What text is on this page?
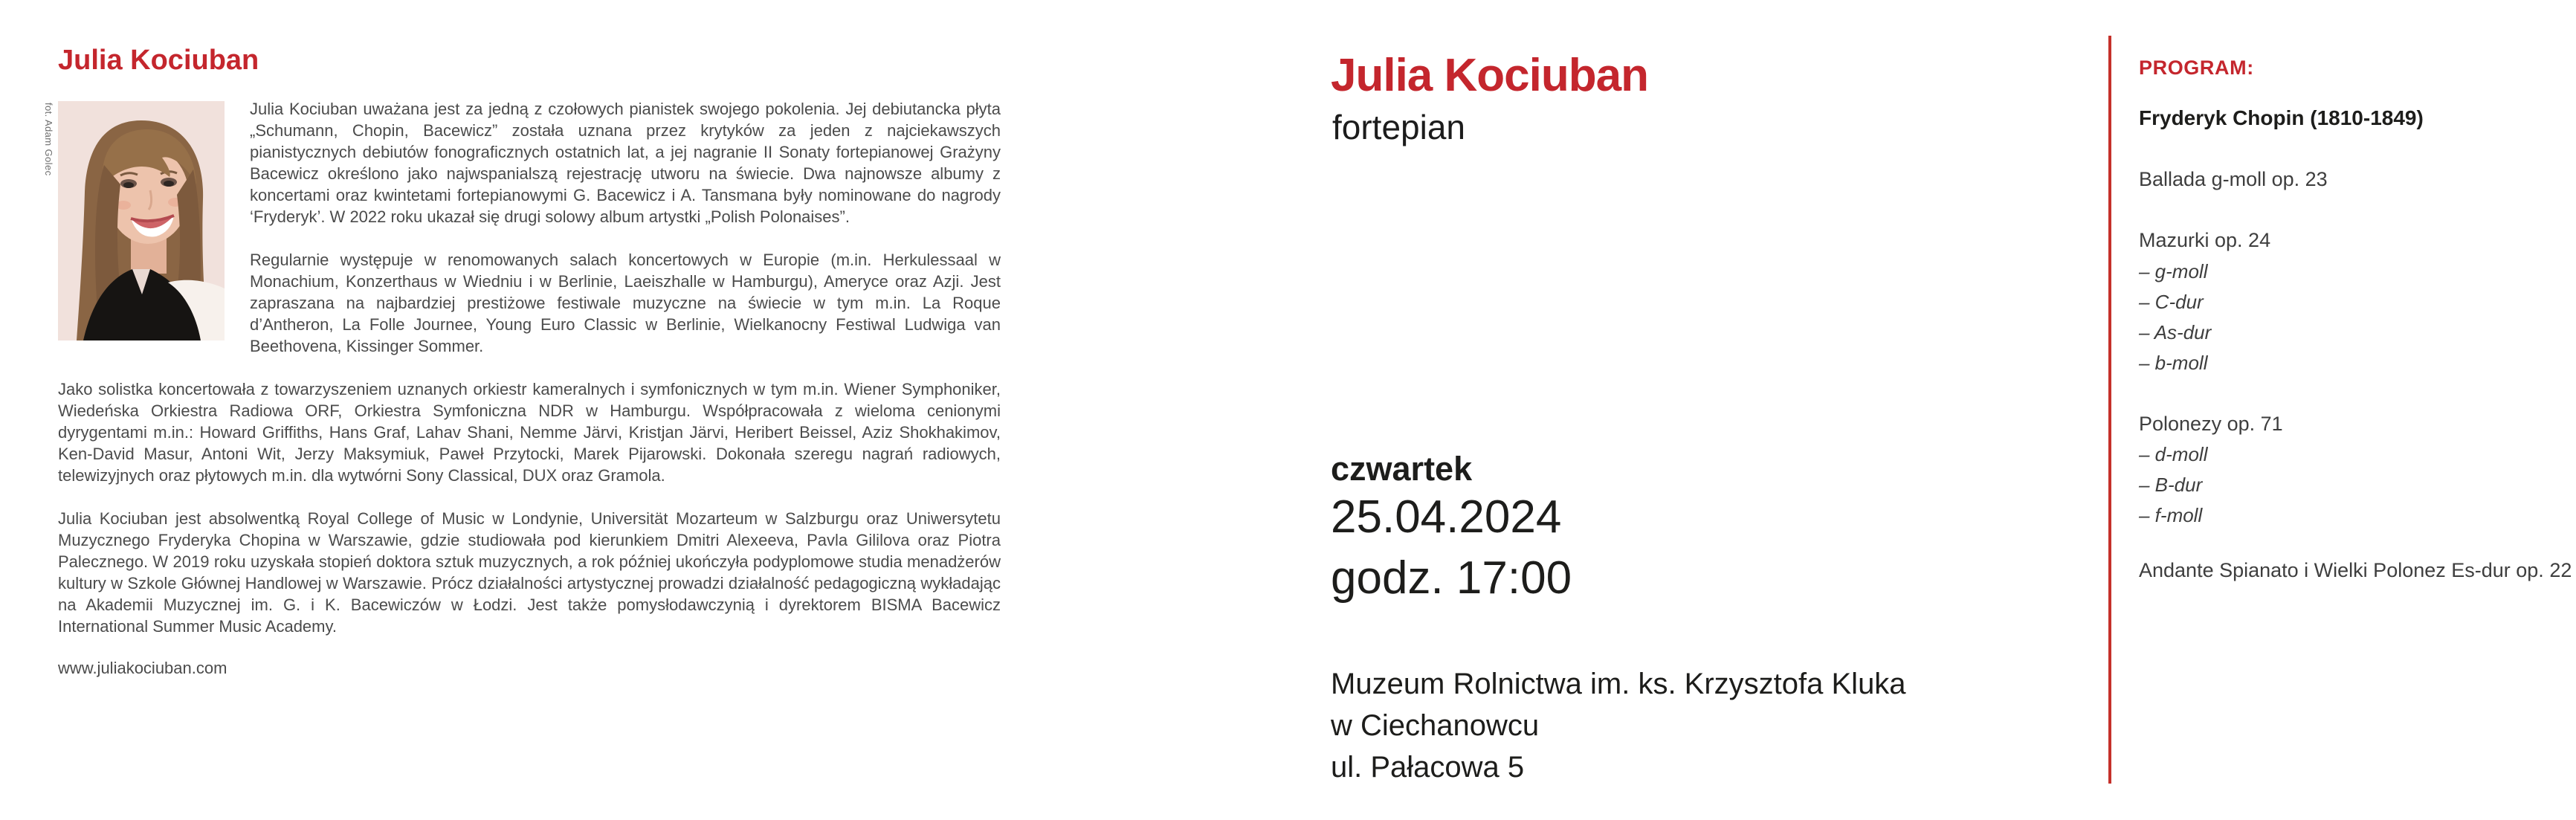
Julia Kociuban
fot. Adam Golec	Julia Kociuban uważana jest za jedną z czołowych pianistek swojego pokolenia. Jej debiutancka płyta „Schumann, Chopin, Bacewicz” została uznana przez krytyków za jeden z najciekawszych pianistycznych debiutów fonograficznych ostatnich lat, a jej nagranie II Sonaty fortepianowej Grażyny Bacewicz określono jako najwspanialszą rejestrację utworu na świecie. Dwa najnowsze albumy z koncertami oraz kwintetami fortepianowymi G. Bacewicz i A. Tansmana były nominowane do nagrody ‘Fryderyk’. W 2022 roku ukazał się drugi solowy album artystki „Polish Polonaises”.

Regularnie występuje w renomowanych salach koncertowych w Europie (m.in. Herkulessaal w Monachium, Konzerthaus w Wiedniu i w Berlinie, Laeiszhalle w Hamburgu), Ameryce oraz Azji. Jest zapraszana na najbardziej prestiżowe festiwale muzyczne na świecie w tym m.in. La Roque d’Antheron, La Folle Journee, Young Euro Classic w Berlinie, Wielkanocny Festiwal Ludwiga van Beethovena, Kissinger Sommer.

Jako solistka koncertowała z towarzyszeniem uznanych orkiestr kameralnych i symfonicznych w tym m.in. Wiener Symphoniker, Wiedeńska Orkiestra Radiowa ORF, Orkiestra Symfoniczna NDR w Hamburgu. Współpracowała z wieloma cenionymi dyrygentami m.in.: Howard Griffiths, Hans Graf, Lahav Shani, Nemme Järvi, Kristjan Järvi, Heribert Beissel, Aziz Shokhakimov, Ken-David Masur, Antoni Wit, Jerzy Maksymiuk, Paweł Przytocki, Marek Pijarowski. Dokonała szeregu nagrań radiowych, telewizyjnych oraz płytowych m.in. dla wytwórni Sony Classical, DUX oraz Gramola.

Julia Kociuban jest absolwentką Royal College of Music w Londynie, Universität Mozarteum w Salzburgu oraz Uniwersytetu Muzycznego Fryderyka Chopina w Warszawie, gdzie studiowała pod kierunkiem Dmitri Alexeeva, Pavla Gililova oraz Piotra Palecznego. W 2019 roku uzyskała stopień doktora sztuk muzycznych, a rok później ukończyła podyplomowe studia menadżerów kultury w Szkole Głównej Handlowej w Warszawie. Prócz działalności artystycznej prowadzi działalność pedagogiczną wykładając na Akademii Muzycznej im. G. i K. Bacewiczów w Łodzi. Jest także pomysłodawczynią i dyrektorem BISMA Bacewicz International Summer Music Academy.

www.juliakociuban.com
Julia Kociuban
fortepian
czwartek
25.04.2024
godz. 17:00
Muzeum Rolnictwa im. ks. Krzysztofa Kluka
w Ciechanowcu
ul. Pałacowa 5
PROGRAM:
Fryderyk Chopin (1810-1849)
Ballada g-moll op. 23
Mazurki op. 24
– g-moll
– C-dur
– As-dur
– b-moll
Polonezy op. 71
– d-moll
– B-dur
– f-moll
Andante Spianato i Wielki Polonez Es-dur op. 22
